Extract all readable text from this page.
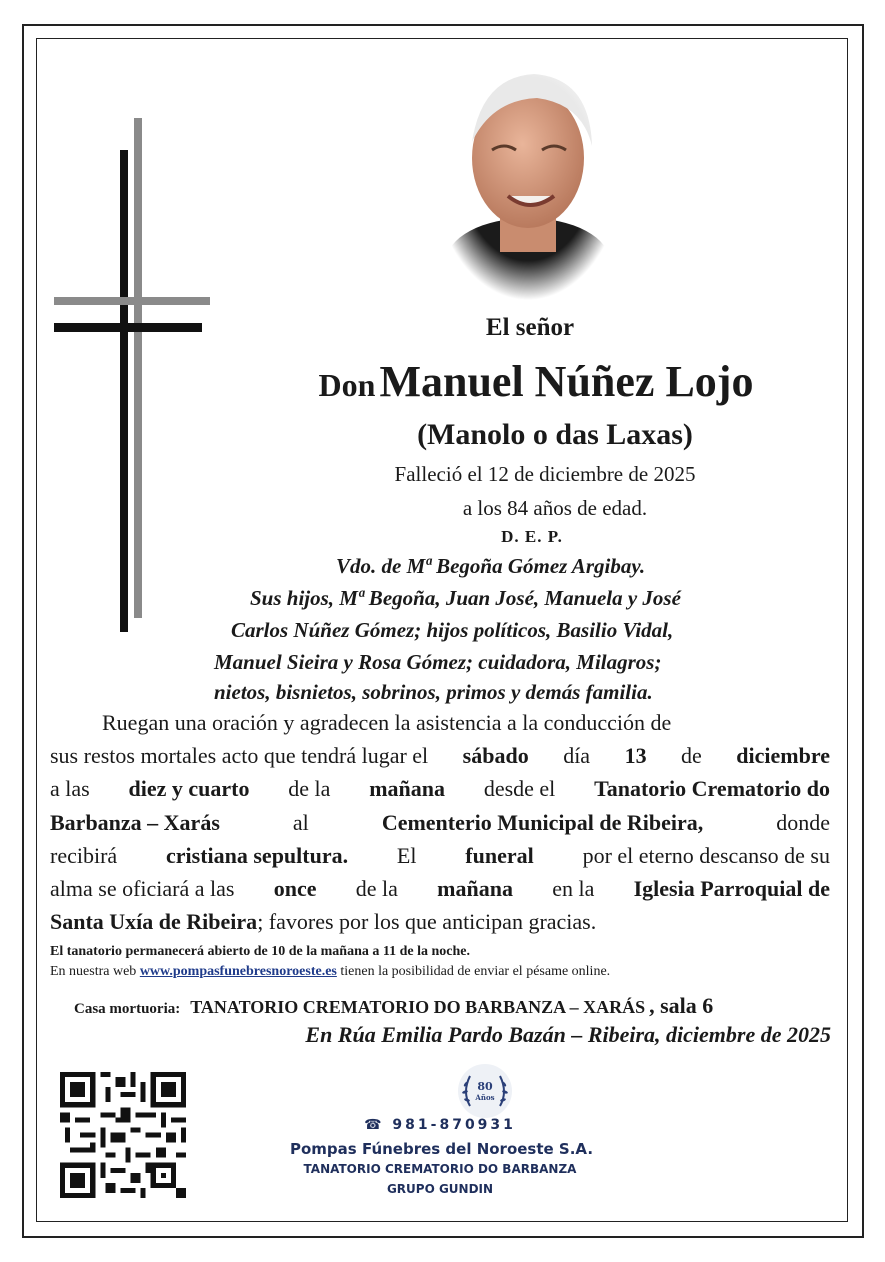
El señor
Don Manuel Núñez Lojo
(Manolo o das Laxas)
Falleció el 12 de diciembre de 2025
a los 84 años de edad.
D. E. P.
Vdo. de Mª Begoña Gómez Argibay.
Sus hijos, Mª Begoña, Juan José, Manuela y José
Carlos Núñez Gómez; hijos políticos, Basilio Vidal,
Manuel Sieira y Rosa Gómez; cuidadora, Milagros;
nietos, bisnietos, sobrinos, primos y demás familia.
Ruegan una oración y agradecen la asistencia a la conducción de
sus restos mortales acto que tendrá lugar el sábado día 13 de diciembre
a las diez y cuarto de la mañana desde el Tanatorio Crematorio do
Barbanza – Xarás	al	Cementerio Municipal de Ribeira,	donde
recibirá cristiana sepultura. El funeral por el eterno descanso de su
alma se oficiará a las once de la mañana en la Iglesia Parroquial de
Santa Uxía de Ribeira; favores por los que anticipan gracias.
El tanatorio permanecerá abierto de 10 de la mañana a 11 de la noche.
En nuestra web www.pompasfunebresnoroeste.es tienen la posibilidad de enviar el pésame online.
Casa mortuoria: TANATORIO CREMATORIO DO BARBANZA – XARÁS , sala 6
En Rúa Emilia Pardo Bazán – Ribeira, diciembre de 2025
80
Años
☎ 981-870931
Pompas Fúnebres del Noroeste S.A.
TANATORIO CREMATORIO DO BARBANZA
GRUPO GUNDIN
